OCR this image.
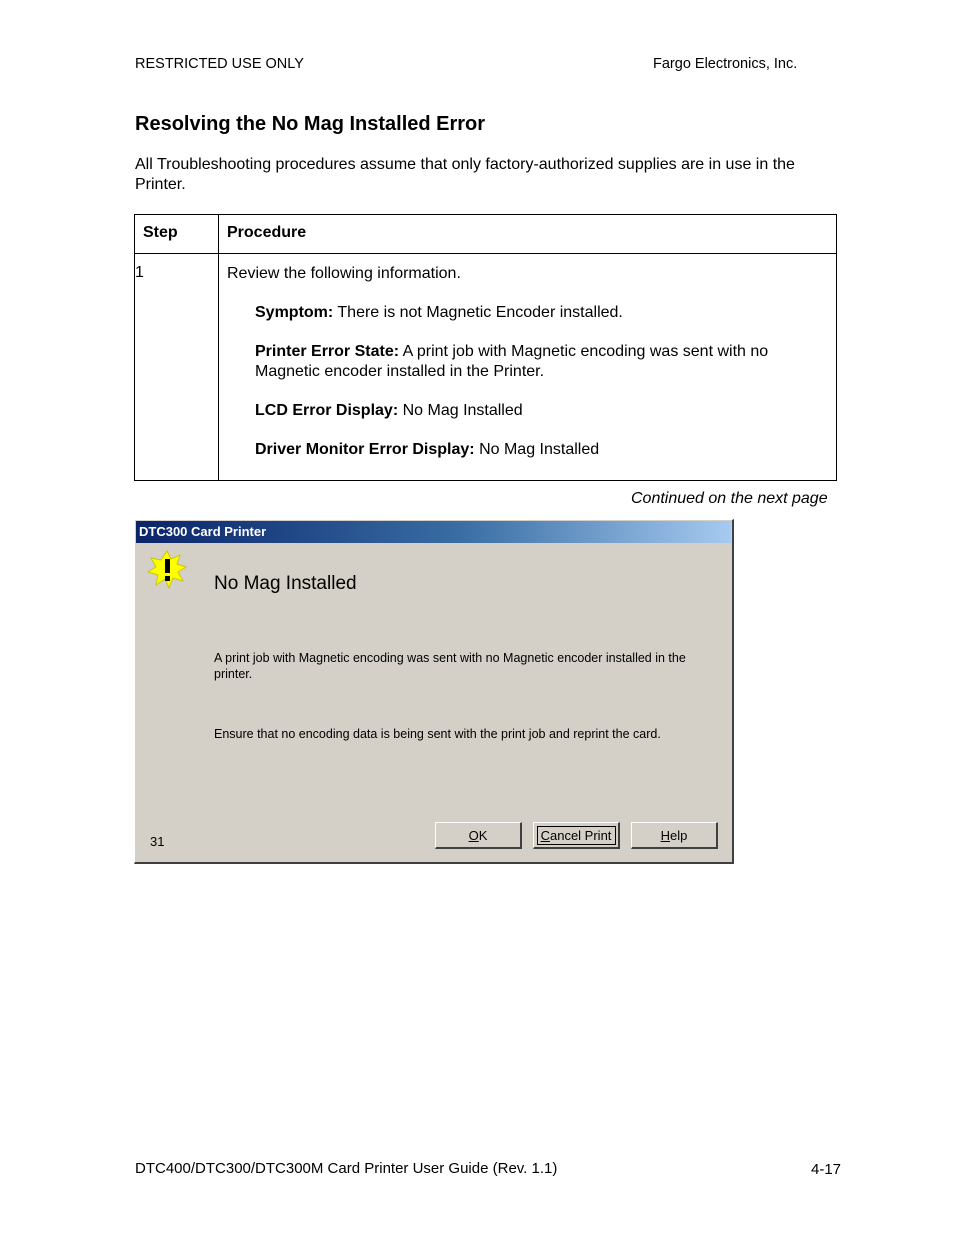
RESTRICTED USE ONLY	Fargo Electronics, Inc.
Resolving the No Mag Installed Error
All Troubleshooting procedures assume that only factory-authorized supplies are in use in the Printer.
Step	Procedure

1	Review the following information.

Symptom: There is not Magnetic Encoder installed.

Printer Error State: A print job with Magnetic encoding was sent with no Magnetic encoder installed in the Printer.

LCD Error Display: No Mag Installed

Driver Monitor Error Display: No Mag Installed

Continued on the next page
DTC300 Card Printer
No Mag Installed
A print job with Magnetic encoding was sent with no Magnetic encoder installed in the printer.
Ensure that no encoding data is being sent with the print job and reprint the card.
31	OK	Cancel Print	Help
DTC400/DTC300/DTC300M Card Printer User Guide (Rev. 1.1)	4-17
